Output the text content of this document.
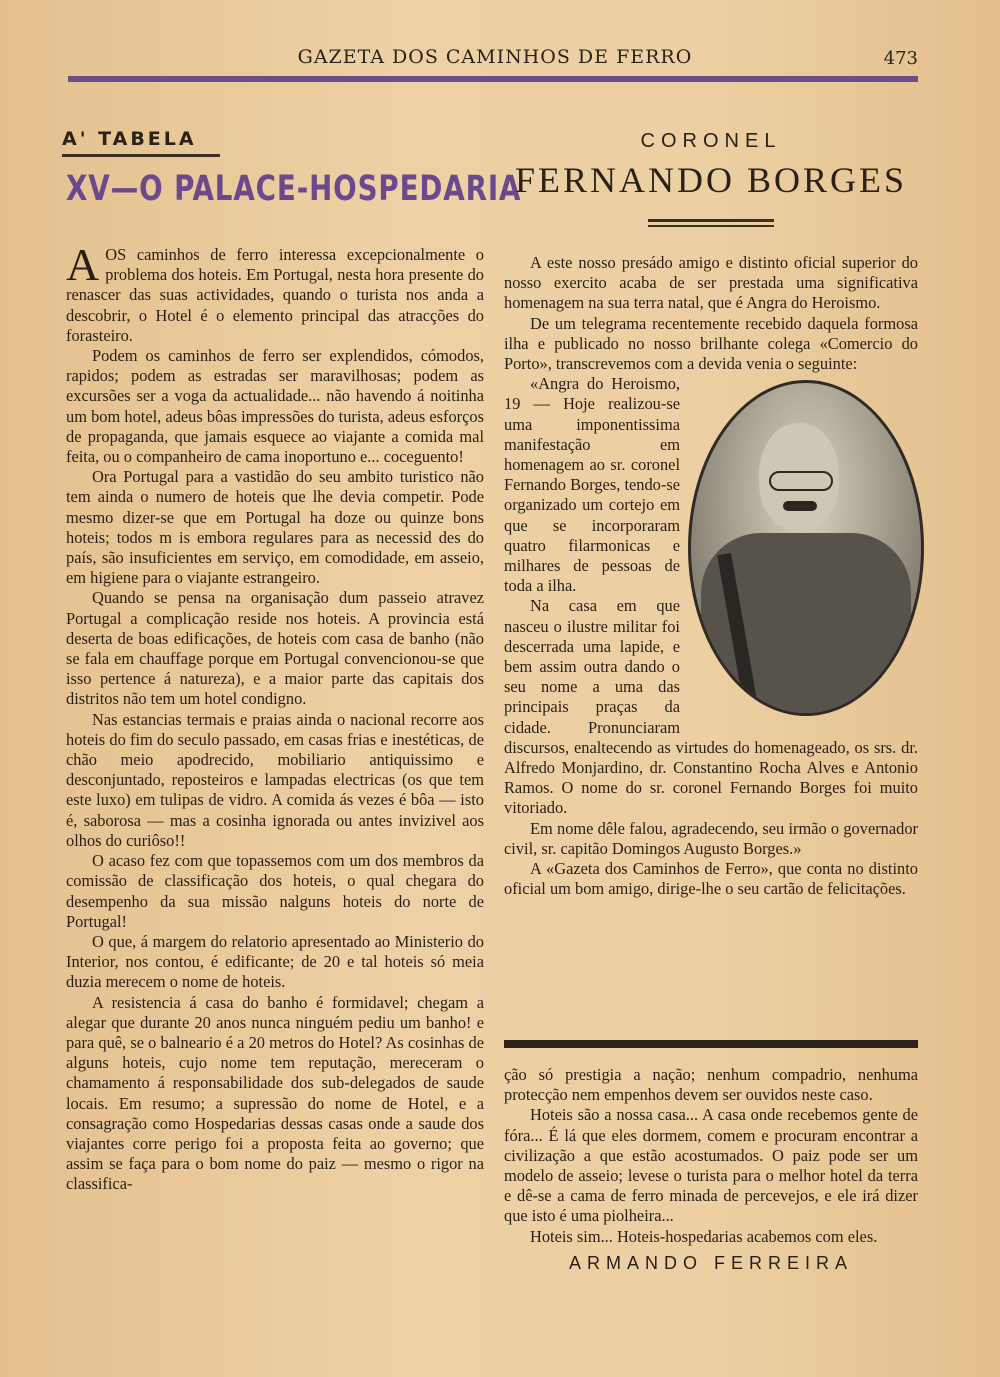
GAZETA DOS CAMINHOS DE FERRO	473
A' TABELA
XV—O PALACE-HOSPEDARIA

AOS caminhos de ferro interessa excepcionalmente o problema dos hoteis. Em Portugal, nesta hora presente do renascer das suas actividades, quando o turista nos anda a descobrir, o Hotel é o elemento principal das atracções do forasteiro.

Podem os caminhos de ferro ser explendidos, cómodos, rapidos; podem as estradas ser maravilhosas; podem as excursões ser a voga da actualidade... não havendo á noitinha um bom hotel, adeus bôas impressões do turista, adeus esforços de propaganda, que jamais esquece ao viajante a comida mal feita, ou o companheiro de cama inoportuno e... coceguento!

Ora Portugal para a vastidão do seu ambito turistico não tem ainda o numero de hoteis que lhe devia competir. Pode mesmo dizer-se que em Portugal ha doze ou quinze bons hoteis; todos m is embora regulares para as necessid des do país, são insuficientes em serviço, em comodidade, em asseio, em higiene para o viajante estrangeiro.

Quando se pensa na organisação dum passeio atravez Portugal a complicação reside nos hoteis. A provincia está deserta de boas edificações, de hoteis com casa de banho (não se fala em chauffage porque em Portugal convencionou-se que isso pertence á natureza), e a maior parte das capitais dos distritos não tem um hotel condigno.

Nas estancias termais e praias ainda o nacional recorre aos hoteis do fim do seculo passado, em casas frias e inestéticas, de chão meio apodrecido, mobiliario antiquissimo e desconjuntado, reposteiros e lampadas electricas (os que tem este luxo) em tulipas de vidro. A comida ás vezes é bôa — isto é, saborosa — mas a cosinha ignorada ou antes invizivel aos olhos do curiôso!!

O acaso fez com que topassemos com um dos membros da comissão de classificação dos hoteis, o qual chegara do desempenho da sua missão nalguns hoteis do norte de Portugal!

O que, á margem do relatorio apresentado ao Ministerio do Interior, nos contou, é edificante; de 20 e tal hoteis só meia duzia merecem o nome de hoteis.

A resistencia á casa do banho é formidavel; chegam a alegar que durante 20 anos nunca ninguém pediu um banho! e para quê, se o balneario é a 20 metros do Hotel? As cosinhas de alguns hoteis, cujo nome tem reputação, mereceram o chamamento á responsabilidade dos sub-delegados de saude locais. Em resumo; a supressão do nome de Hotel, e a consagração como Hospedarias dessas casas onde a saude dos viajantes corre perigo foi a proposta feita ao governo; que assim se faça para o bom nome do paiz — mesmo o rigor na classifica-

CORONEL
FERNANDO BORGES

A este nosso presádo amigo e distinto oficial superior do nosso exercito acaba de ser prestada uma significativa homenagem na sua terra natal, que é Angra do Heroismo.

De um telegrama recentemente recebido daquela formosa ilha e publicado no nosso brilhante colega «Comercio do Porto», transcrevemos com a devida venia o seguinte:

«Angra do Heroismo, 19 — Hoje realizou-se uma imponentissima manifestação em homenagem ao sr. coronel Fernando Borges, tendo-se organizado um cortejo em que se incorporaram quatro filarmonicas e milhares de pessoas de toda a ilha.

Na casa em que nasceu o ilustre militar foi descerrada uma lapide, e bem assim outra dando o seu nome a uma das principais praças da cidade. Pronunciaram discursos, enaltecendo as virtudes do homenageado, os srs. dr. Alfredo Monjardino, dr. Constantino Rocha Alves e Antonio Ramos. O nome do sr. coronel Fernando Borges foi muito vitoriado.

Em nome dêle falou, agradecendo, seu irmão o governador civil, sr. capitão Domingos Augusto Borges.»

A «Gazeta dos Caminhos de Ferro», que conta no distinto oficial um bom amigo, dirige-lhe o seu cartão de felicitações.

ção só prestigia a nação; nenhum compadrio, nenhuma protecção nem empenhos devem ser ouvidos neste caso.

Hoteis são a nossa casa... A casa onde recebemos gente de fóra... É lá que eles dormem, comem e procuram encontrar a civilização a que estão acostumados. O paiz pode ser um modelo de asseio; levese o turista para o melhor hotel da terra e dê-se a cama de ferro minada de percevejos, e ele irá dizer que isto é uma piolheira...

Hoteis sim... Hoteis-hospedarias acabemos com eles.

ARMANDO FERREIRA
